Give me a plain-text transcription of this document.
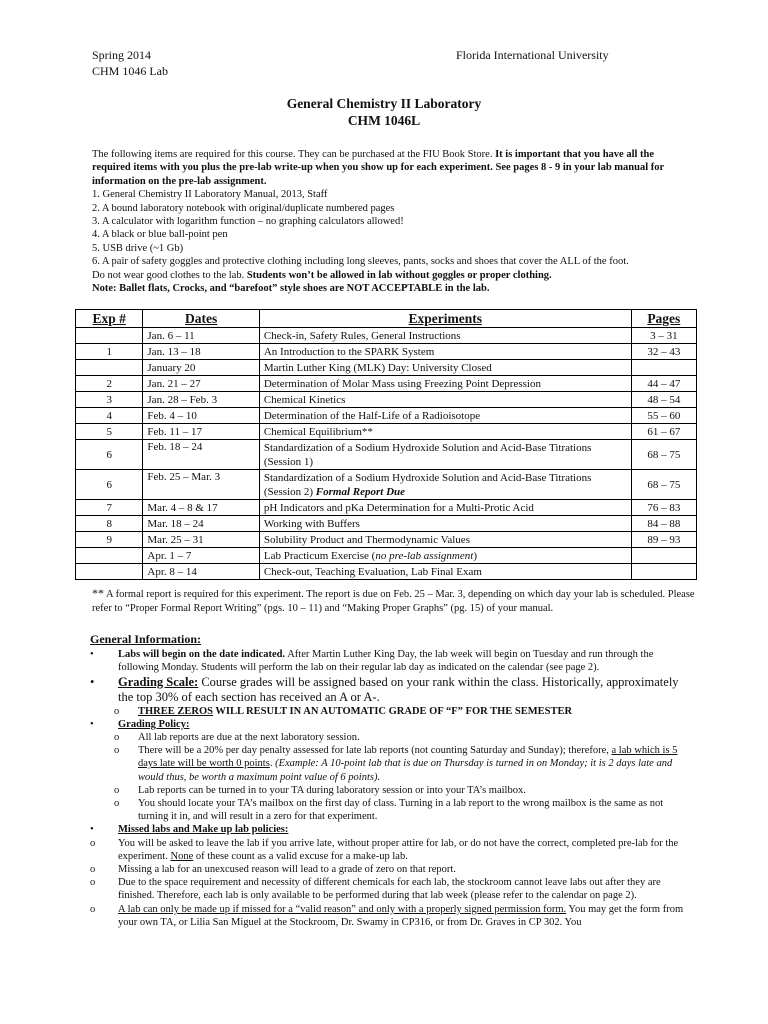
Spring 2014
CHM 1046 Lab
Florida International University
General Chemistry II Laboratory
CHM 1046L

The following items are required for this course. They can be purchased at the FIU Book Store. It is important that you have all the required items with you plus the pre-lab write-up when you show up for each experiment. See pages 8 - 9 in your lab manual for information on the pre-lab assignment.

1. General Chemistry II Laboratory Manual, 2013, Staff

2. A bound laboratory notebook with original/duplicate numbered pages

3. A calculator with logarithm function – no graphing calculators allowed!

4. A black or blue ball-point pen

5. USB drive (~1 Gb)

6. A pair of safety goggles and protective clothing including long sleeves, pants, socks and shoes that cover the ALL of the foot.

Do not wear good clothes to the lab. Students won’t be allowed in lab without goggles or proper clothing.

Note: Ballet flats, Crocks, and “barefoot” style shoes are NOT ACCEPTABLE in the lab.

Exp #	Dates	Experiments	Pages
	Jan. 6 – 11	Check-in, Safety Rules, General Instructions	3 – 31
1	Jan. 13 – 18	An Introduction to the SPARK System	32 – 43
	January 20	Martin Luther King (MLK) Day: University Closed	
2	Jan. 21 – 27	Determination of Molar Mass using Freezing Point Depression	44 – 47
3	Jan. 28 – Feb. 3	Chemical Kinetics	48 – 54
4	Feb. 4 – 10	Determination of the Half-Life of a Radioisotope	55 – 60
5	Feb. 11 – 17	Chemical Equilibrium**	61 – 67
6	Feb. 18 – 24	Standardization of a Sodium Hydroxide Solution and Acid-Base Titrations (Session 1)	68 – 75
6	Feb. 25 – Mar. 3	Standardization of a Sodium Hydroxide Solution and Acid-Base Titrations (Session 2) Formal Report Due	68 – 75
7	Mar. 4 – 8 & 17	pH Indicators and pKa Determination for a Multi-Protic Acid	76 – 83
8	Mar. 18 – 24	Working with Buffers	84 – 88
9	Mar. 25 – 31	Solubility Product and Thermodynamic Values	89 – 93
	Apr. 1 – 7	Lab Practicum Exercise (no pre-lab assignment)	
	Apr. 8 – 14	Check-out, Teaching Evaluation, Lab Final Exam	
** A formal report is required for this experiment. The report is due on Feb. 25 – Mar. 3, depending on which day your lab is scheduled. Please refer to “Proper Formal Report Writing” (pgs. 10 – 11) and “Making Proper Graphs” (pg. 15) of your manual.
General Information:

• Labs will begin on the date indicated. After Martin Luther King Day, the lab week will begin on Tuesday and run through the following Monday. Students will perform the lab on their regular lab day as indicated on the calendar (see page 2).

• Grading Scale: Course grades will be assigned based on your rank within the class. Historically, approximately the top 30% of each section has received an A or A-.

o THREE ZEROS WILL RESULT IN AN AUTOMATIC GRADE OF “F” FOR THE SEMESTER

• Grading Policy:

o All lab reports are due at the next laboratory session.

o There will be a 20% per day penalty assessed for late lab reports (not counting Saturday and Sunday); therefore, a lab which is 5 days late will be worth 0 points. (Example: A 10-point lab that is due on Thursday is turned in on Monday; it is 2 days late and would thus, be worth a maximum point value of 6 points).

o Lab reports can be turned in to your TA during laboratory session or into your TA’s mailbox.

o You should locate your TA’s mailbox on the first day of class. Turning in a lab report to the wrong mailbox is the same as not turning it in, and will result in a zero for that experiment.

• Missed labs and Make up lab policies:

o You will be asked to leave the lab if you arrive late, without proper attire for lab, or do not have the correct, completed pre-lab for the experiment. None of these count as a valid excuse for a make-up lab.

o Missing a lab for an unexcused reason will lead to a grade of zero on that report.

o Due to the space requirement and necessity of different chemicals for each lab, the stockroom cannot leave labs out after they are finished. Therefore, each lab is only available to be performed during that lab week (please refer to the calendar on page 2).

o A lab can only be made up if missed for a “valid reason” and only with a properly signed permission form. You may get the form from your own TA, or Lilia San Miguel at the Stockroom, Dr. Swamy in CP316, or from Dr. Graves in CP 302. You
